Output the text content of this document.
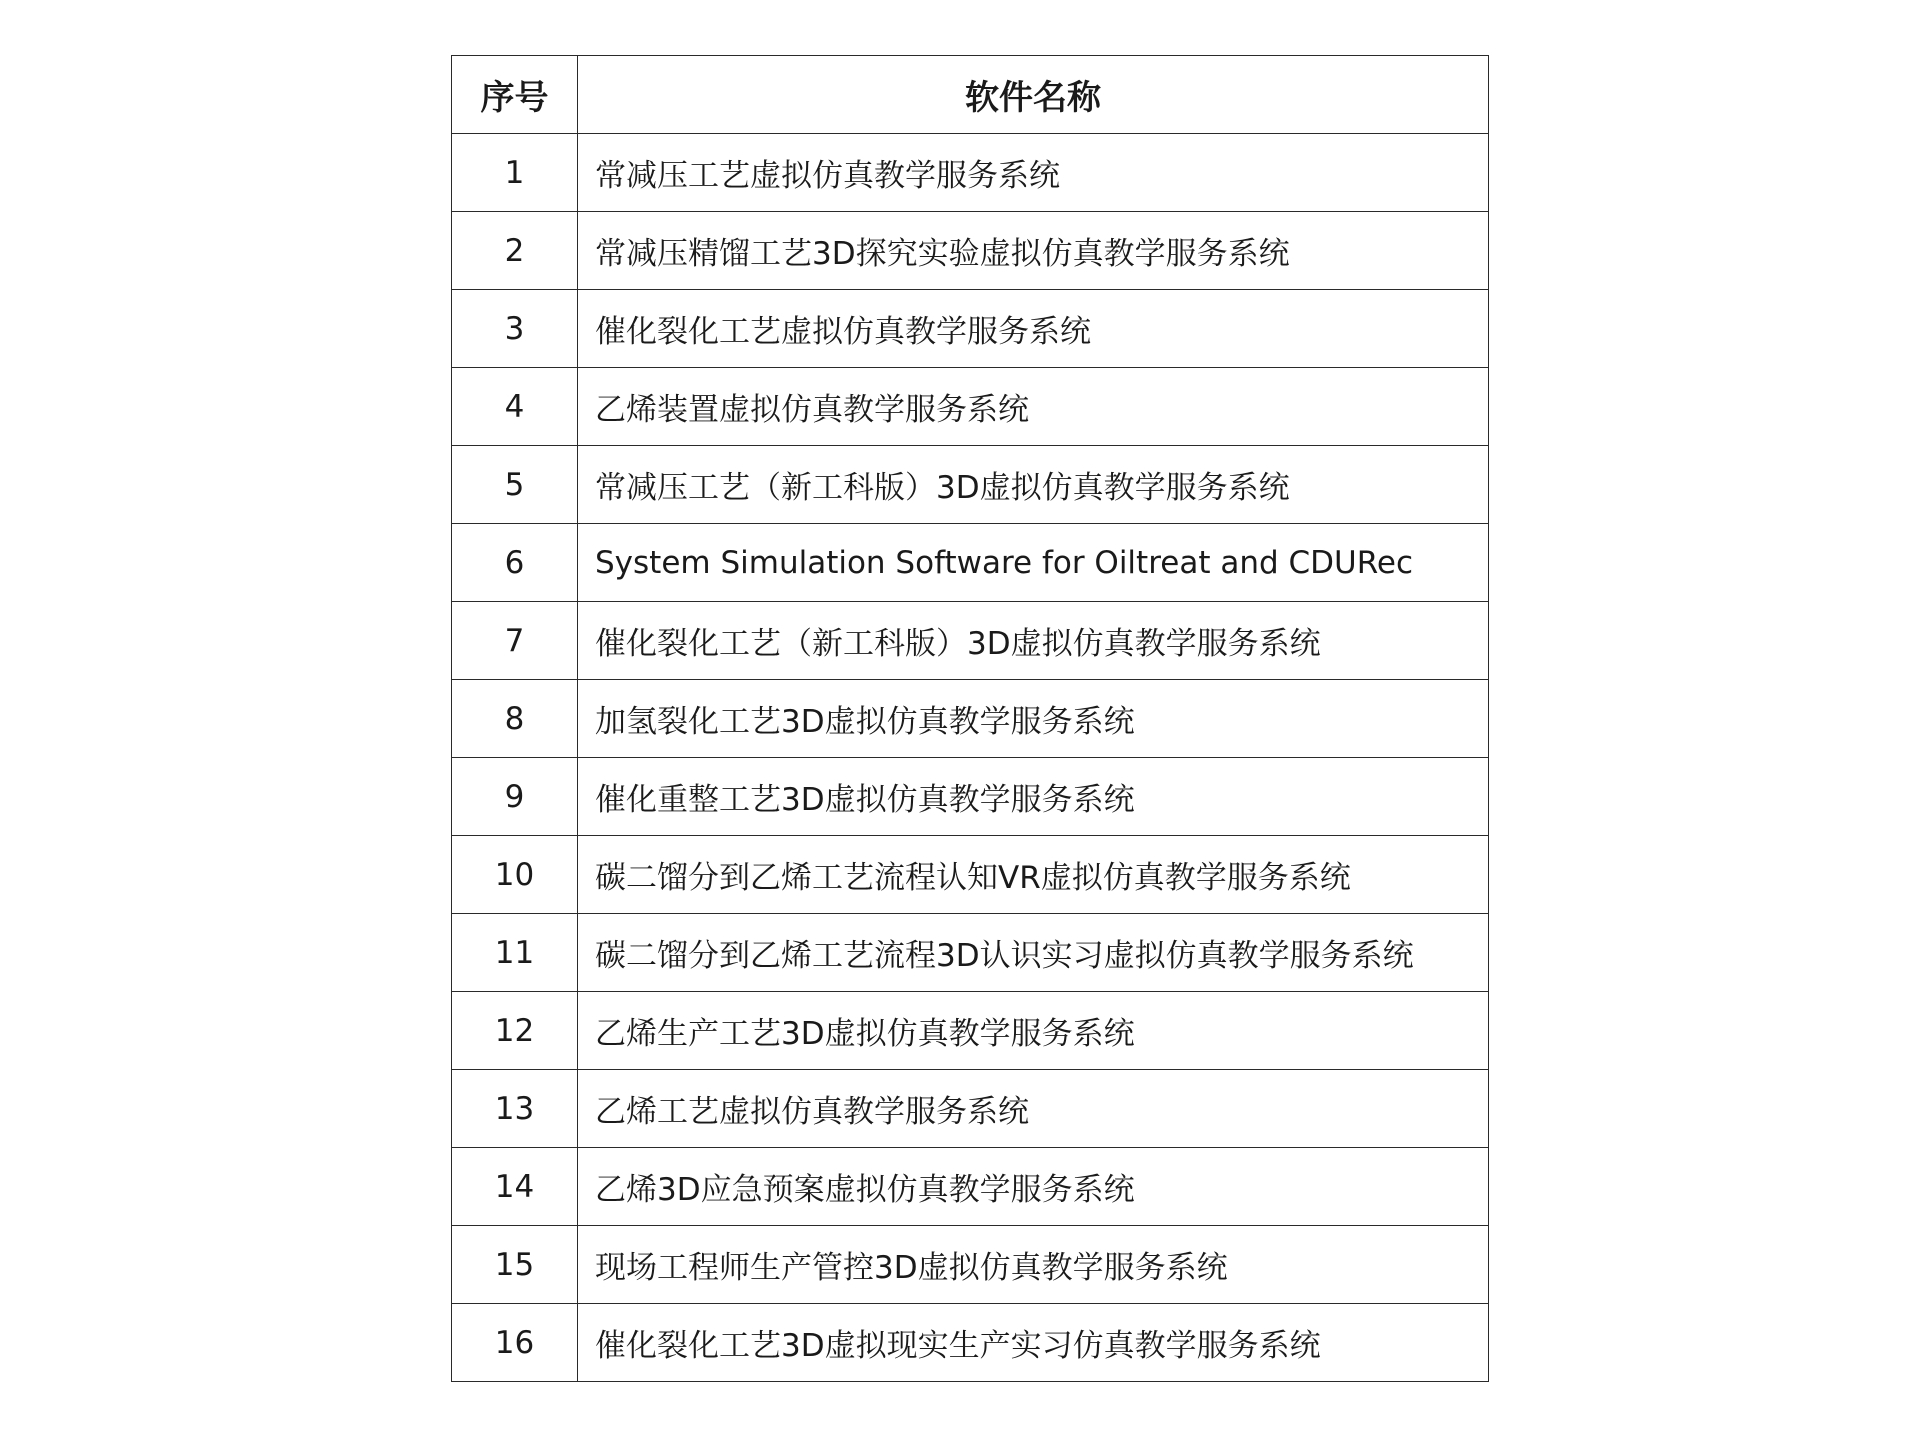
序号	软件名称
1	常减压工艺虚拟仿真教学服务系统
2	常减压精馏工艺3D探究实验虚拟仿真教学服务系统
3	催化裂化工艺虚拟仿真教学服务系统
4	乙烯装置虚拟仿真教学服务系统
5	常减压工艺（新工科版）3D虚拟仿真教学服务系统
6	System Simulation Software for Oiltreat and CDURec
7	催化裂化工艺（新工科版）3D虚拟仿真教学服务系统
8	加氢裂化工艺3D虚拟仿真教学服务系统
9	催化重整工艺3D虚拟仿真教学服务系统
10	碳二馏分到乙烯工艺流程认知VR虚拟仿真教学服务系统
11	碳二馏分到乙烯工艺流程3D认识实习虚拟仿真教学服务系统
12	乙烯生产工艺3D虚拟仿真教学服务系统
13	乙烯工艺虚拟仿真教学服务系统
14	乙烯3D应急预案虚拟仿真教学服务系统
15	现场工程师生产管控3D虚拟仿真教学服务系统
16	催化裂化工艺3D虚拟现实生产实习仿真教学服务系统
